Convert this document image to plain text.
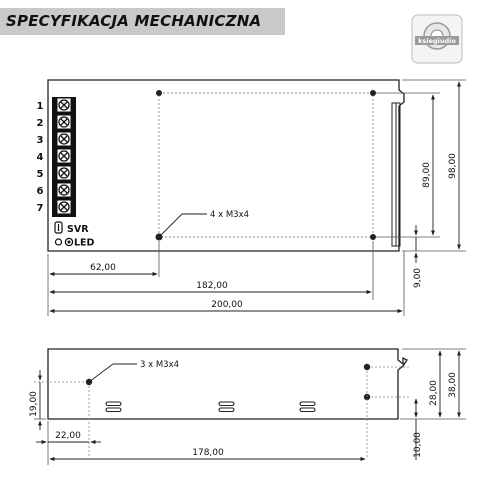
SPECYFIKACJA MECHANICZNA
ksiegiudio
1
2
3
4
5
6
7
SVR
LED
4 x M3x4
62,00
182,00
200,00
89,00 98,00
9,00
3 x M3x4
19,00
22,00
178,00
28,00 38,00
10,00
